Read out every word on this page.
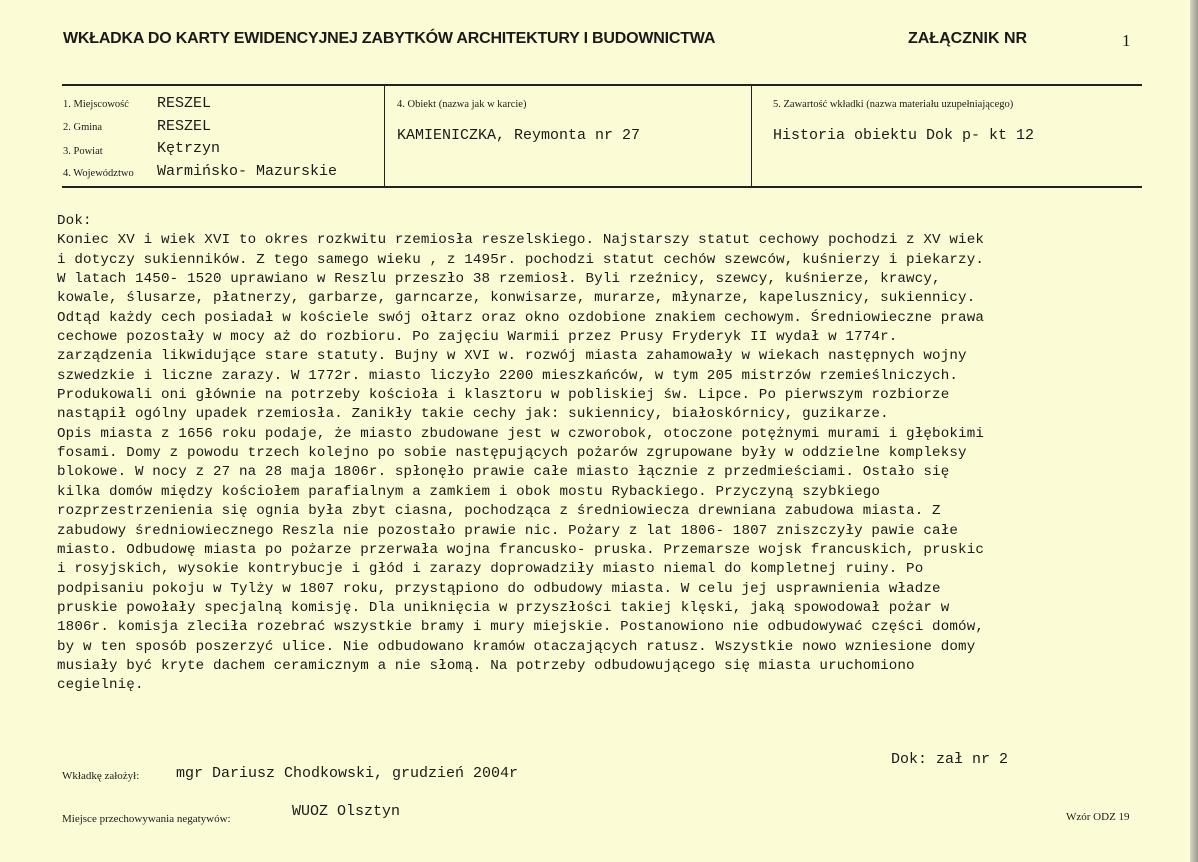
WKŁADKA DO KARTY EWIDENCYJNEJ ZABYTKÓW ARCHITEKTURY I BUDOWNICTWA	ZAŁĄCZNIK NR	1
1. Miejscowość RESZEL
2. Gmina	RESZEL
3. Powiat	Kętrzyn
4. Województwo Warmińsko- Mazurskie
4. Obiekt (nazwa jak w karcie)
KAMIENICZKA, Reymonta nr 27
5. Zawartość wkładki (nazwa materiału uzupełniającego)
Historia obiektu Dok p- kt 12
Dok:
Koniec XV i wiek XVI to okres rozkwitu rzemiosła reszelskiego. Najstarszy statut cechowy pochodzi z XV wiek
i dotyczy sukienników. Z tego samego wieku , z 1495r. pochodzi statut cechów szewców, kuśnierzy i piekarzy.
W latach 1450- 1520 uprawiano w Reszlu przeszło 38 rzemiosł. Byli rzeźnicy, szewcy, kuśnierze, krawcy,
kowale, ślusarze, płatnerzy, garbarze, garncarze, konwisarze, murarze, młynarze, kapelusznicy, sukiennicy.
Odtąd każdy cech posiadał w kościele swój ołtarz oraz okno ozdobione znakiem cechowym. Średniowieczne prawa
cechowe pozostały w mocy aż do rozbioru. Po zajęciu Warmii przez Prusy Fryderyk II wydał w 1774r.
zarządzenia likwidujące stare statuty. Bujny w XVI w. rozwój miasta zahamowały w wiekach następnych wojny
szwedzkie i liczne zarazy. W 1772r. miasto liczyło 2200 mieszkańców, w tym 205 mistrzów rzemieślniczych.
Produkowali oni głównie na potrzeby kościoła i klasztoru w pobliskiej św. Lipce. Po pierwszym rozbiorze
nastąpił ogólny upadek rzemiosła. Zanikły takie cechy jak: sukiennicy, białoskórnicy, guzikarze.
Opis miasta z 1656 roku podaje, że miasto zbudowane jest w czworobok, otoczone potężnymi murami i głębokimi
fosami. Domy z powodu trzech kolejno po sobie następujących pożarów zgrupowane były w oddzielne kompleksy
blokowe. W nocy z 27 na 28 maja 1806r. spłonęło prawie całe miasto łącznie z przedmieściami. Ostało się
kilka domów między kościołem parafialnym a zamkiem i obok mostu Rybackiego. Przyczyną szybkiego
rozprzestrzenienia się ognia była zbyt ciasna, pochodząca z średniowiecza drewniana zabudowa miasta. Z
zabudowy średniowiecznego Reszla nie pozostało prawie nic. Pożary z lat 1806- 1807 zniszczyły pawie całe
miasto. Odbudowę miasta po pożarze przerwała wojna francusko- pruska. Przemarsze wojsk francuskich, pruskic
i rosyjskich, wysokie kontrybucje i głód i zarazy doprowadziły miasto niemal do kompletnej ruiny. Po
podpisaniu pokoju w Tylży w 1807 roku, przystąpiono do odbudowy miasta. W celu jej usprawnienia władze
pruskie powołały specjalną komisję. Dla uniknięcia w przyszłości takiej klęski, jaką spowodował pożar w
1806r. komisja zleciła rozebrać wszystkie bramy i mury miejskie. Postanowiono nie odbudowywać części domów,
by w ten sposób poszerzyć ulice. Nie odbudowano kramów otaczających ratusz. Wszystkie nowo wzniesione domy
musiały być kryte dachem ceramicznym a nie słomą. Na potrzeby odbudowującego się miasta uruchomiono
cegielnię.
Dok: zał nr 2
Wkładkę założył: mgr Dariusz Chodkowski, grudzień 2004r
Miejsce przechowywania negatywów:	WUOZ Olsztyn	Wzór ODZ 19
